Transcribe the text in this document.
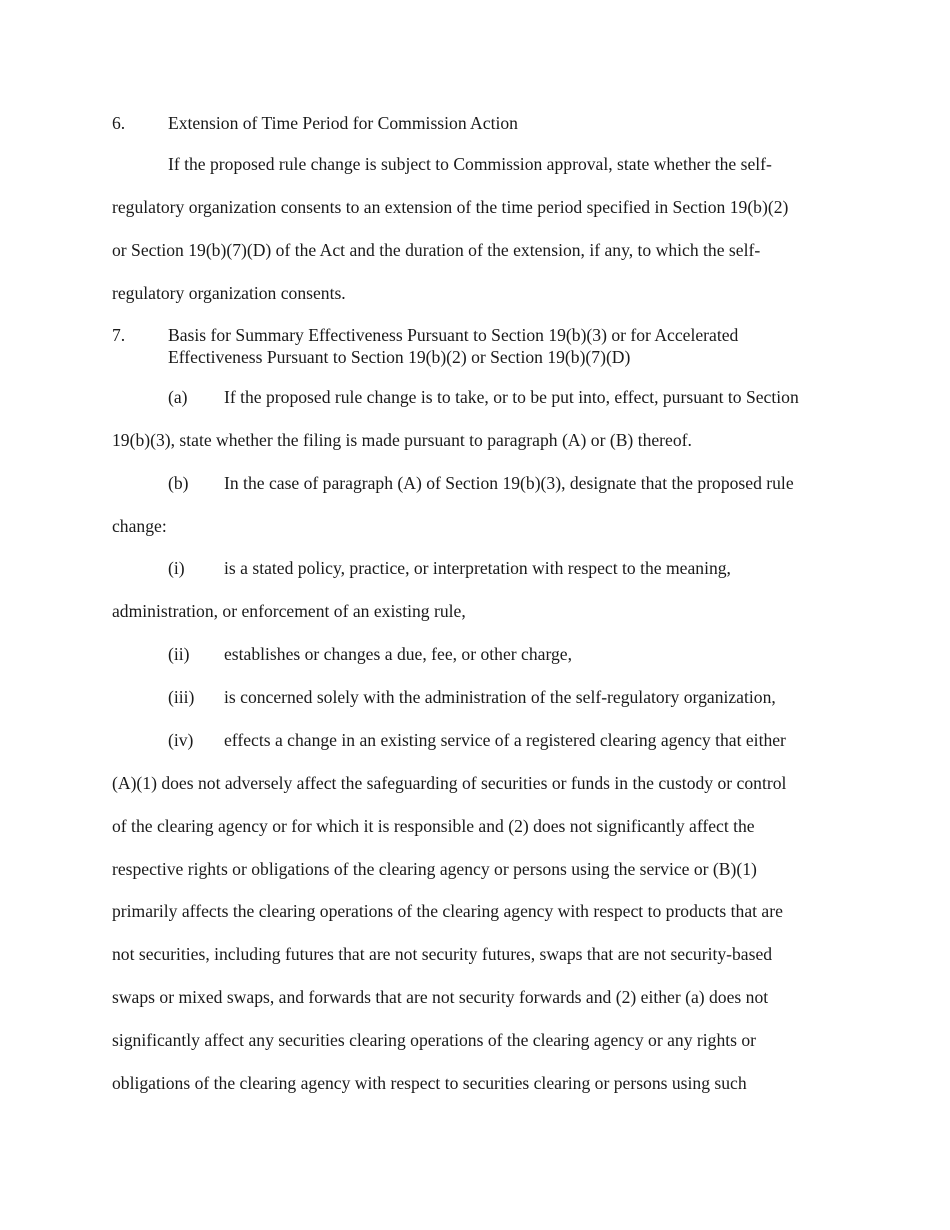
6. Extension of Time Period for Commission Action
If the proposed rule change is subject to Commission approval, state whether the self-
regulatory organization consents to an extension of the time period specified in Section 19(b)(2)
or Section 19(b)(7)(D) of the Act and the duration of the extension, if any, to which the self-
regulatory organization consents.
7. Basis for Summary Effectiveness Pursuant to Section 19(b)(3) or for Accelerated
Effectiveness Pursuant to Section 19(b)(2) or Section 19(b)(7)(D)
(a) If the proposed rule change is to take, or to be put into, effect, pursuant to Section
19(b)(3), state whether the filing is made pursuant to paragraph (A) or (B) thereof.
(b) In the case of paragraph (A) of Section 19(b)(3), designate that the proposed rule
change:
(i) is a stated policy, practice, or interpretation with respect to the meaning,
administration, or enforcement of an existing rule,
(ii) establishes or changes a due, fee, or other charge,
(iii) is concerned solely with the administration of the self-regulatory organization,
(iv) effects a change in an existing service of a registered clearing agency that either
(A)(1) does not adversely affect the safeguarding of securities or funds in the custody or control
of the clearing agency or for which it is responsible and (2) does not significantly affect the
respective rights or obligations of the clearing agency or persons using the service or (B)(1)
primarily affects the clearing operations of the clearing agency with respect to products that are
not securities, including futures that are not security futures, swaps that are not security-based
swaps or mixed swaps, and forwards that are not security forwards and (2) either (a) does not
significantly affect any securities clearing operations of the clearing agency or any rights or
obligations of the clearing agency with respect to securities clearing or persons using such
